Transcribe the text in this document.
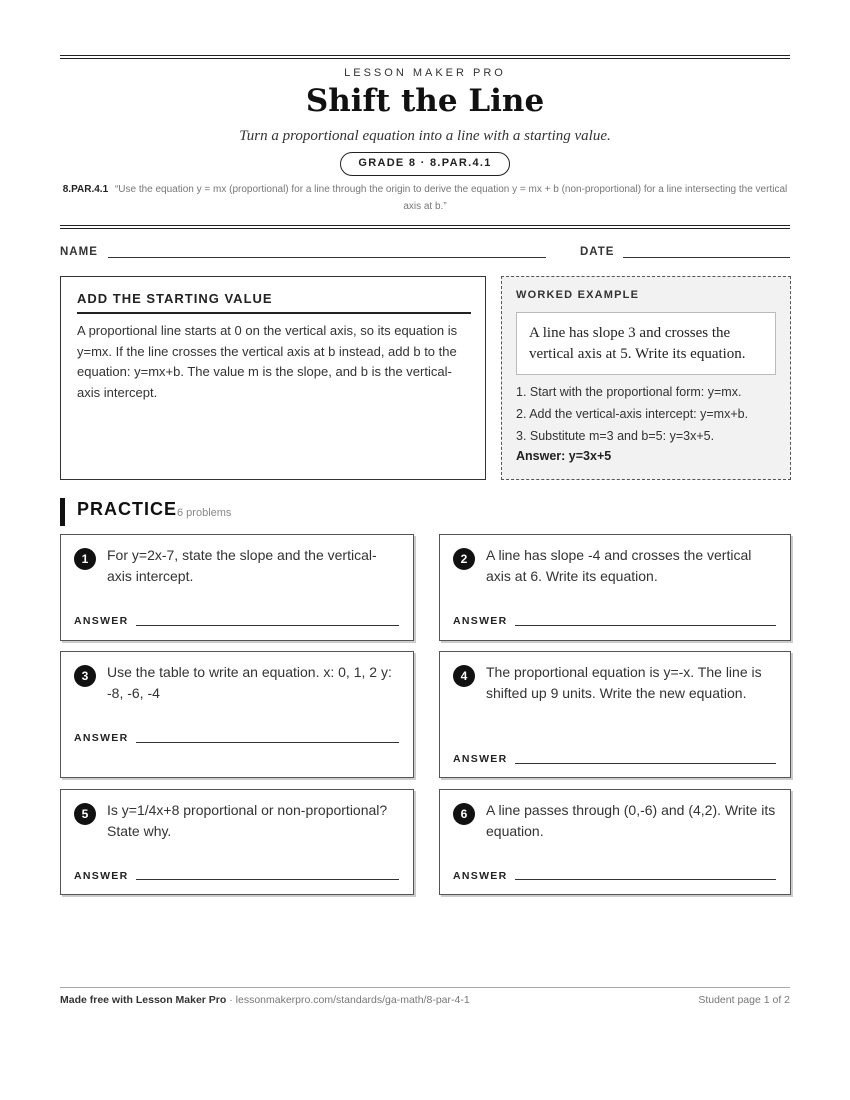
LESSON MAKER PRO
Shift the Line
Turn a proportional equation into a line with a starting value.
GRADE 8 · 8.PAR.4.1
8.PAR.4.1 “Use the equation y = mx (proportional) for a line through the origin to derive the equation y = mx + b (non-proportional) for a line intersecting the vertical axis at b.”
NAME	DATE
ADD THE STARTING VALUE
A proportional line starts at 0 on the vertical axis, so its equation is y=mx. If the line crosses the vertical axis at b instead, add b to the equation: y=mx+b. The value m is the slope, and b is the vertical-axis intercept.
WORKED EXAMPLE
A line has slope 3 and crosses the vertical axis at 5. Write its equation.
1. Start with the proportional form: y=mx.
2. Add the vertical-axis intercept: y=mx+b.
3. Substitute m=3 and b=5: y=3x+5.
Answer: y=3x+5
PRACTICE 6 problems
1	For y=2x-7, state the slope and the vertical-axis intercept.
ANSWER
2	A line has slope -4 and crosses the vertical axis at 6. Write its equation.
ANSWER
3	Use the table to write an equation. x: 0, 1, 2 y: -8, -6, -4
ANSWER
4	The proportional equation is y=-x. The line is shifted up 9 units. Write the new equation.
ANSWER
5	Is y=1/4x+8 proportional or non-proportional? State why.
ANSWER
6	A line passes through (0,-6) and (4,2). Write its equation.
ANSWER
Made free with Lesson Maker Pro · lessonmakerpro.com/standards/ga-math/8-par-4-1	Student page 1 of 2
